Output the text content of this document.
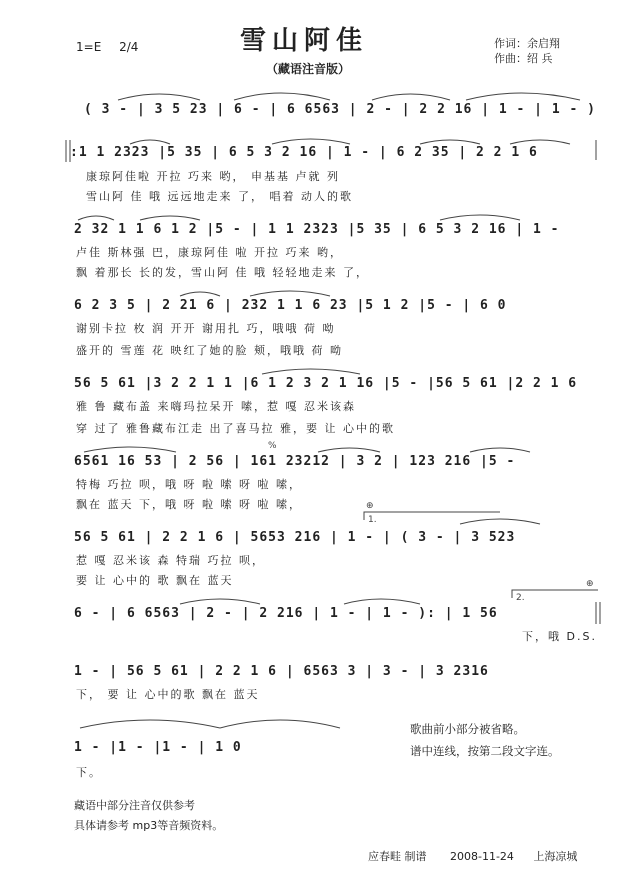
1=E 2/4	雪山阿佳
（藏语注音版）
作词：余启翔
作曲：绍 兵
( 3 - | 3 5 23 | 6 - | 6 6563 | 2 - | 2 2 16 | 1 - | 1 - )
:1 1 2323 |5 35 | 6 5 3 2 16 | 1 - | 6 2 35 | 2 2 1 6
康琼阿佳啦 开拉 巧来 哟， 申基基 卢就 列
雪山阿 佳 哦 远远地走来 了， 唱着 动人的歌
2 32 1 1 6 1 2 |5 - | 1 1 2323 |5 35 | 6 5 3 2 16 | 1 -
卢佳 斯林强 巴，康琼阿佳 啦 开拉 巧来 哟，
飘 着那长 长的发，雪山阿 佳 哦 轻轻地走来 了，
6 2 3 5 | 2 21 6 | 232 1 1 6 23 |5 1 2 |5 - | 6 0
谢别卡拉 枚 润 开开 谢用扎 巧，哦哦 荷 呦
盛开的 雪莲 花 映红了她的脸 颊，哦哦 荷 呦
56 5 61 |3 2 2 1 1 |6 1 2 3 2 1 16 |5 - |56 5 61 |2 2 1 6
雅 鲁 藏布盖 来嗨玛拉呆开 嗦，惹 嘎 忍米该森
穿 过了 雅鲁藏布江走 出了喜马拉 雅，要 让 心中的歌
6561 16 53 | 2 56 | 161 23212 | 3 2 | 123 216 |5 -
特梅 巧拉 呗，哦 呀 啦 嗦 呀 啦 嗦，
飘在 蓝天 下，哦 呀 啦 嗦 呀 啦 嗦，
56 5 61 | 2 2 1 6 | 5653 216 | 1 - | ( 3 - | 3 523
惹 嘎 忍米该 森 特瑞 巧拉 呗，
要 让 心中的 歌 飘在 蓝天
6 - | 6 6563 | 2 - | 2 216 | 1 - | 1 - ): | 1 56
下，哦 D.S.
1 - | 56 5 61 | 2 2 1 6 | 6563 3 | 3 - | 3 2316
下， 要 让 心中的歌 飘在 蓝天
1 - |1 - |1 - | 1 0
下。
歌曲前小部分被省略。
谱中连线，按第二段文字连。
藏语中部分注音仅供参考
具体请参考 mp3等音频资料。
应春畦 制谱 2008-11-24 上海凉城
1.
2.
%
⊕
⊕
